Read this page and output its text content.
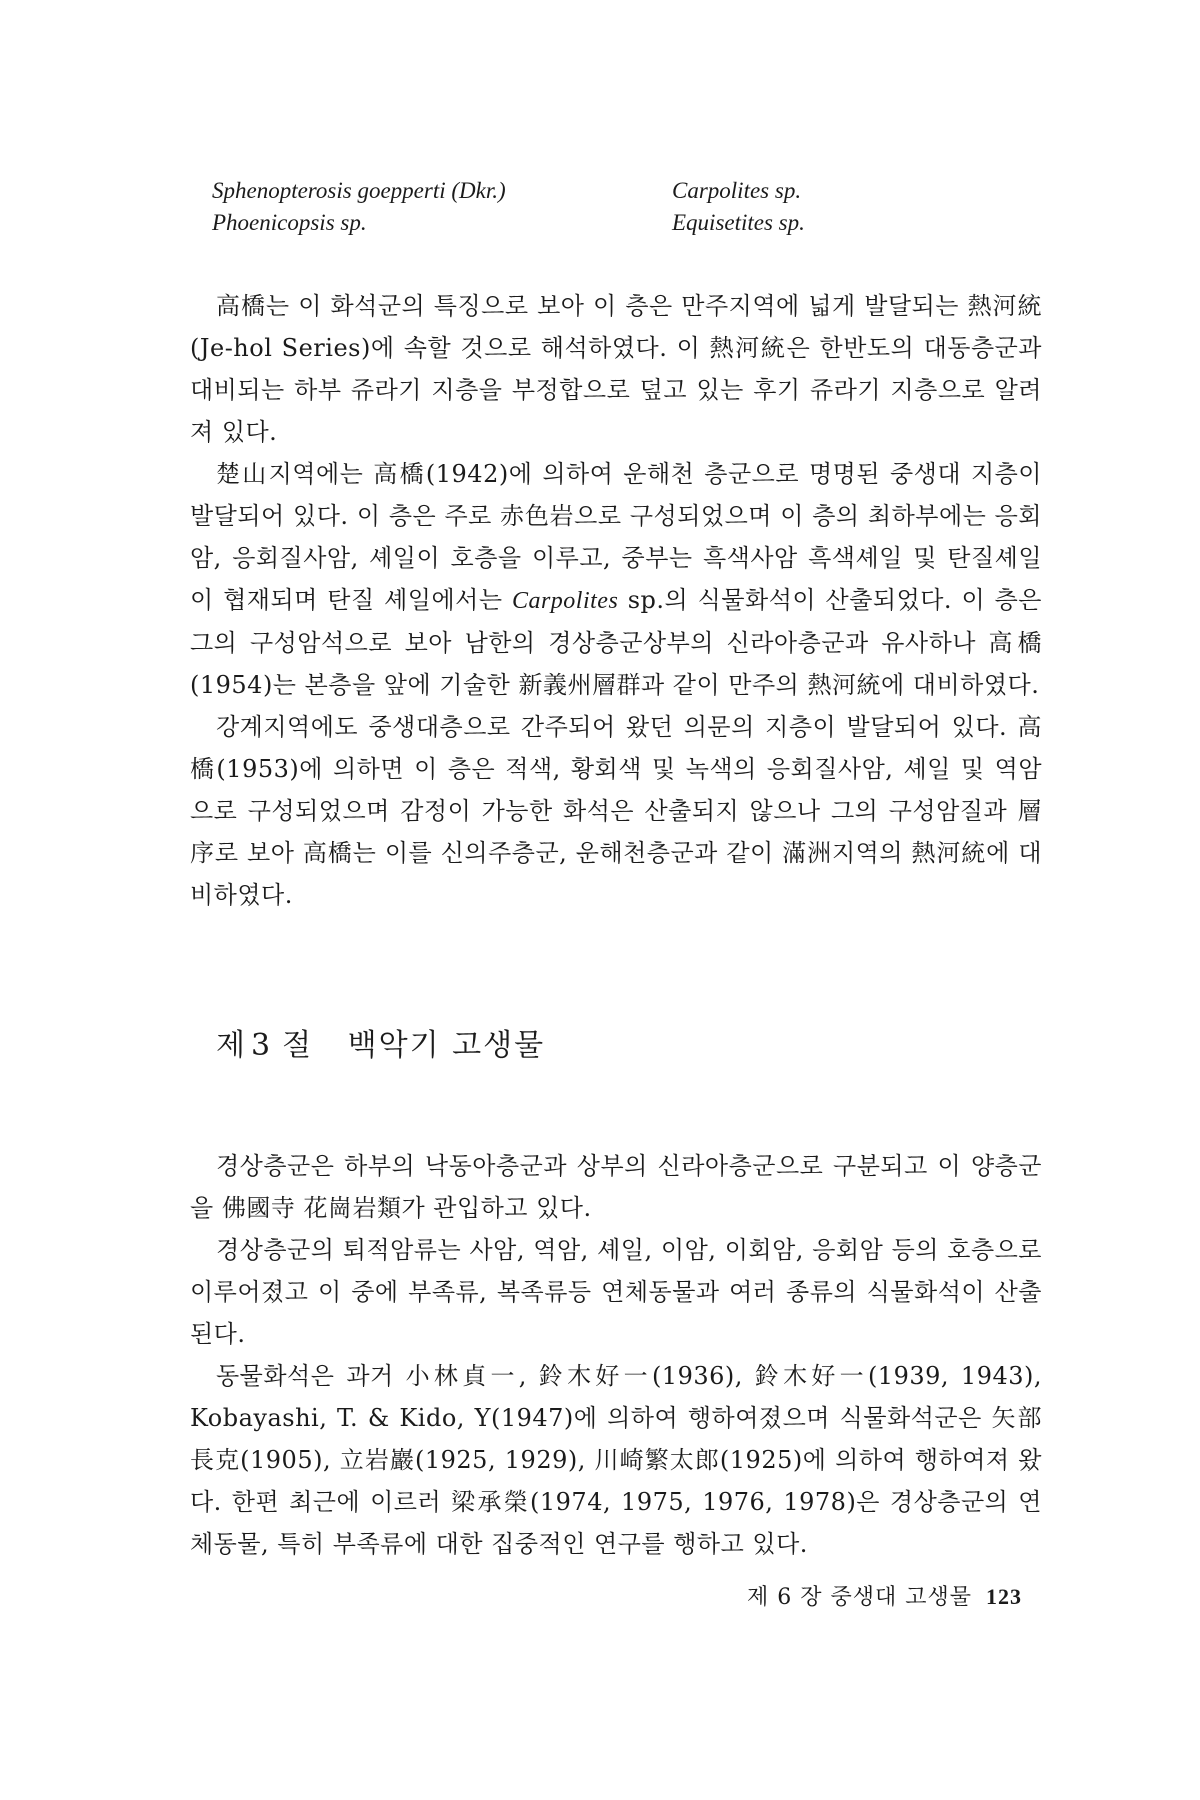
Sphenopterosis goepperti (Dkr.)	Carpolites sp.
Phoenicopsis sp.	Equisetites sp.

高橋는 이 화석군의 특징으로 보아 이 층은 만주지역에 넓게 발달되는 熱河統(Je-hol Series)에 속할 것으로 해석하였다. 이 熱河統은 한반도의 대동층군과 대비되는 하부 쥬라기 지층을 부정합으로 덮고 있는 후기 쥬라기 지층으로 알려져 있다.

楚山지역에는 高橋(1942)에 의하여 운해천 층군으로 명명된 중생대 지층이 발달되어 있다. 이 층은 주로 赤色岩으로 구성되었으며 이 층의 최하부에는 응회암, 응회질사암, 셰일이 호층을 이루고, 중부는 흑색사암 흑색셰일 및 탄질셰일이 협재되며 탄질 셰일에서는 Carpolites sp.의 식물화석이 산출되었다. 이 층은 그의 구성암석으로 보아 남한의 경상층군상부의 신라아층군과 유사하나 高橋(1954)는 본층을 앞에 기술한 新義州層群과 같이 만주의 熱河統에 대비하였다.

강계지역에도 중생대층으로 간주되어 왔던 의문의 지층이 발달되어 있다. 高橋(1953)에 의하면 이 층은 적색, 황회색 및 녹색의 응회질사암, 셰일 및 역암으로 구성되었으며 감정이 가능한 화석은 산출되지 않으나 그의 구성암질과 層序로 보아 高橋는 이를 신의주층군, 운해천층군과 같이 滿洲지역의 熱河統에 대비하였다.

제 3 절 백악기 고생물

경상층군은 하부의 낙동아층군과 상부의 신라아층군으로 구분되고 이 양층군을 佛國寺 花崗岩類가 관입하고 있다.

경상층군의 퇴적암류는 사암, 역암, 셰일, 이암, 이회암, 응회암 등의 호층으로 이루어졌고 이 중에 부족류, 복족류등 연체동물과 여러 종류의 식물화석이 산출된다.

동물화석은 과거 小林貞一, 鈴木好一(1936), 鈴木好一(1939, 1943), Kobayashi, T. & Kido, Y(1947)에 의하여 행하여졌으며 식물화석군은 矢部長克(1905), 立岩巖(1925, 1929), 川崎繁太郎(1925)에 의하여 행하여져 왔다. 한편 최근에 이르러 梁承榮(1974, 1975, 1976, 1978)은 경상층군의 연체동물, 특히 부족류에 대한 집중적인 연구를 행하고 있다.

제 6 장 중생대 고생물 123
